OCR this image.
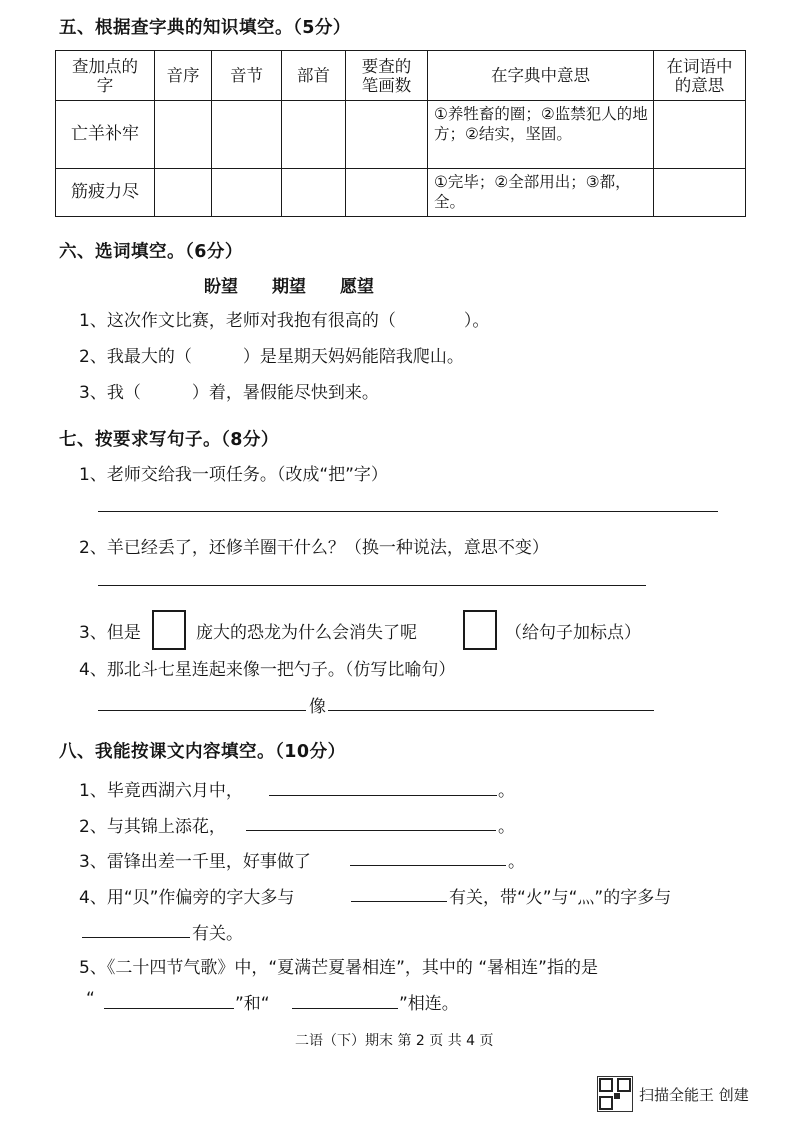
五、根据查字典的知识填空。（5分）
查加点的字	音序	音节	部首	要查的笔画数	在字典中意思	在词语中的意思
亡羊补牢					①养牲畜的圈；②监禁犯人的地方；②结实，坚固。	
筋疲力尽					①完毕；②全部用出；③都，全。	
六、选词填空。（6分）
盼望　　期望　　愿望
1、这次作文比赛，老师对我抱有很高的（　　　　）。
2、我最大的（　　　）是星期天妈妈能陪我爬山。
3、我（　　　）着，暑假能尽快到来。
七、按要求写句子。（8分）
1、老师交给我一项任务。（改成“把”字）
2、羊已经丢了，还修羊圈干什么？（换一种说法，意思不变）
3、但是	庞大的恐龙为什么会消失了呢	（给句子加标点）
4、那北斗七星连起来像一把勺子。（仿写比喻句）
像
八、我能按课文内容填空。（10分）
1、毕竟西湖六月中，	。
2、与其锦上添花，	。
3、雷锋出差一千里，好事做了	。
4、用“贝”作偏旁的字大多与	有关，带“火”与“灬”的字多与
有关。
5、《二十四节气歌》中，“夏满芒夏暑相连”，其中的 “暑相连”指的是
“	”和“	”相连。
二语（下）期末 第 2 页 共 4 页
扫描全能王 创建
